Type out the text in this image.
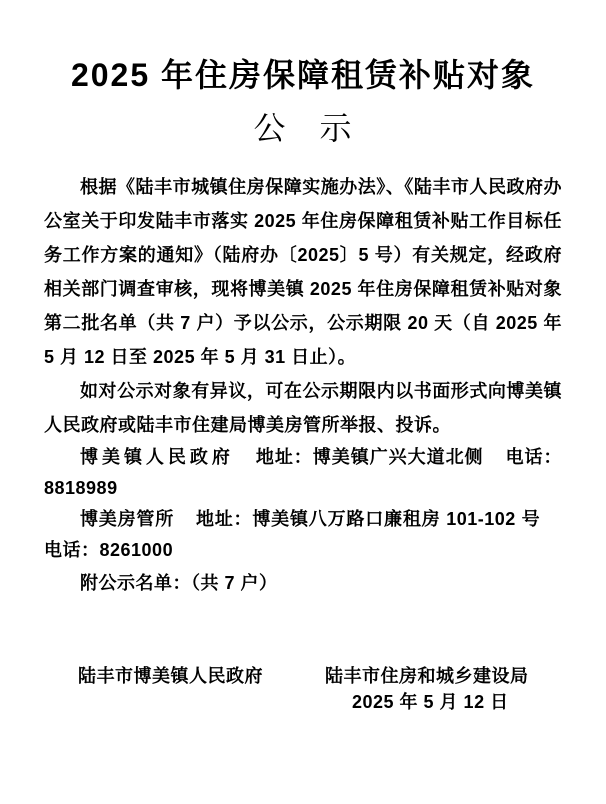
2025 年住房保障租赁补贴对象
公　示

根据《陆丰市城镇住房保障实施办法》、《陆丰市人民政府办公室关于印发陆丰市落实 2025 年住房保障租赁补贴工作目标任务工作方案的通知》（陆府办〔2025〕5 号）有关规定，经政府相关部门调查审核，现将博美镇 2025 年住房保障租赁补贴对象第二批名单（共 7 户）予以公示，公示期限 20 天（自 2025 年 5 月 12 日至 2025 年 5 月 31 日止）。

如对公示对象有异议，可在公示期限内以书面形式向博美镇人民政府或陆丰市住建局博美房管所举报、投诉。

博美镇人民政府 地址：博美镇广兴大道北侧 电话：8818989

博美房管所 地址：博美镇八万路口廉租房 101-102 号电话：8261000

附公示名单：（共 7 户）

陆丰市博美镇人民政府	陆丰市住房和城乡建设局
2025 年 5 月 12 日
